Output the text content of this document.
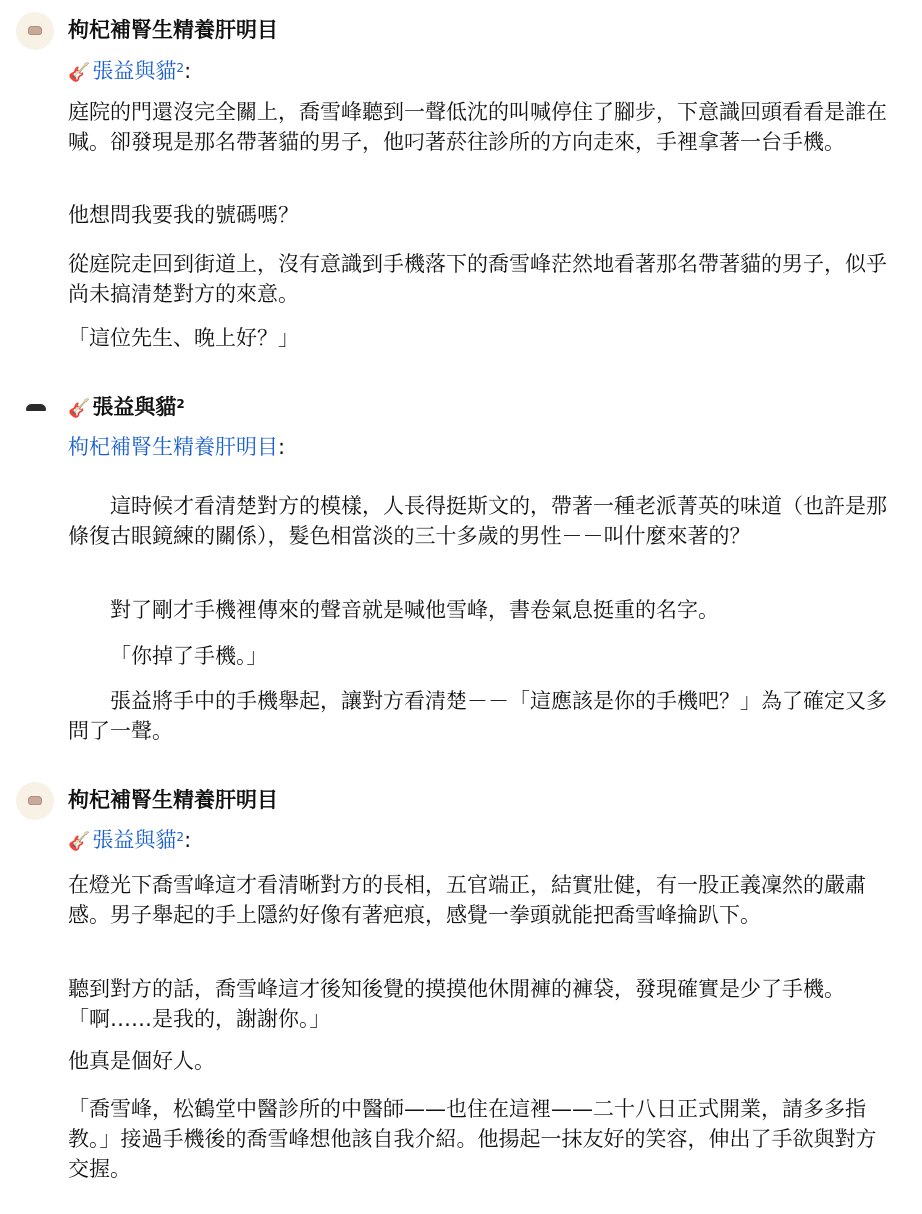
枸杞補腎生精養肝明目
🎸張益與貓$^2$:

庭院的門還沒完全關上，喬雪峰聽到一聲低沈的叫喊停住了腳步，下意識回頭看看是誰在喊。卻發現是那名帶著貓的男子，他叼著菸往診所的方向走來，手裡拿著一台手機。

他想問我要我的號碼嗎？

從庭院走回到街道上，沒有意識到手機落下的喬雪峰茫然地看著那名帶著貓的男子，似乎尚未搞清楚對方的來意。

「這位先生、晚上好？」

🎸張益與貓$^2$
枸杞補腎生精養肝明目:

這時候才看清楚對方的模樣，人長得挺斯文的，帶著一種老派菁英的味道（也許是那條復古眼鏡練的關係），髮色相當淡的三十多歲的男性－－叫什麼來著的？

對了剛才手機裡傳來的聲音就是喊他雪峰，書卷氣息挺重的名字。

「你掉了手機。」

張益將手中的手機舉起，讓對方看清楚－－「這應該是你的手機吧？」為了確定又多問了一聲。

枸杞補腎生精養肝明目
🎸張益與貓$^2$:

在燈光下喬雪峰這才看清晰對方的長相，五官端正，結實壯健，有一股正義凜然的嚴肅感。男子舉起的手上隱約好像有著疤痕，感覺一拳頭就能把喬雪峰掄趴下。

聽到對方的話，喬雪峰這才後知後覺的摸摸他休閒褲的褲袋，發現確實是少了手機。「啊……是我的，謝謝你。」

他真是個好人。

「喬雪峰，松鶴堂中醫診所的中醫師——也住在這裡——二十八日正式開業，請多多指教。」接過手機後的喬雪峰想他該自我介紹。他揚起一抹友好的笑容，伸出了手欲與對方交握。
